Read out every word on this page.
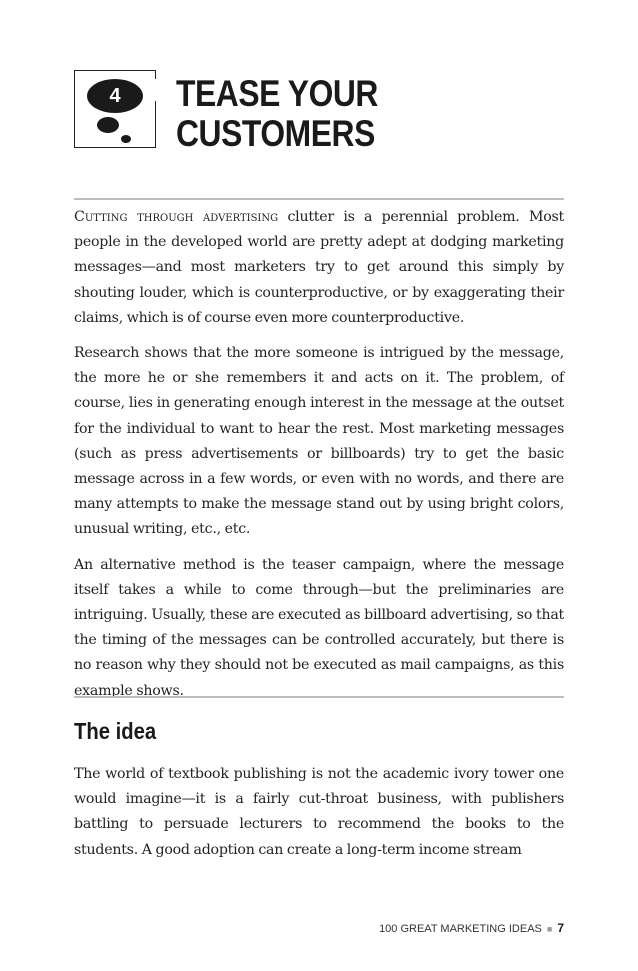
4	TEASE YOUR
CUSTOMERS

Cutting through advertising clutter is a perennial problem. Most people in the developed world are pretty adept at dodging marketing messages—and most marketers try to get around this simply by shouting louder, which is counterproductive, or by exaggerating their claims, which is of course even more counterproductive.

Research shows that the more someone is intrigued by the message, the more he or she remembers it and acts on it. The problem, of course, lies in generating enough interest in the message at the outset for the individual to want to hear the rest. Most marketing messages (such as press advertisements or billboards) try to get the basic message across in a few words, or even with no words, and there are many attempts to make the message stand out by using bright colors, unusual writing, etc., etc.

An alternative method is the teaser campaign, where the message itself takes a while to come through—but the preliminaries are intriguing. Usually, these are executed as billboard advertising, so that the timing of the messages can be controlled accurately, but there is no reason why they should not be executed as mail campaigns, as this example shows.

The idea

The world of textbook publishing is not the academic ivory tower one would imagine—it is a fairly cut-throat business, with publishers battling to persuade lecturers to recommend the books to the students. A good adoption can create a long-term income stream

100 GREAT MARKETING IDEAS ■ 7
